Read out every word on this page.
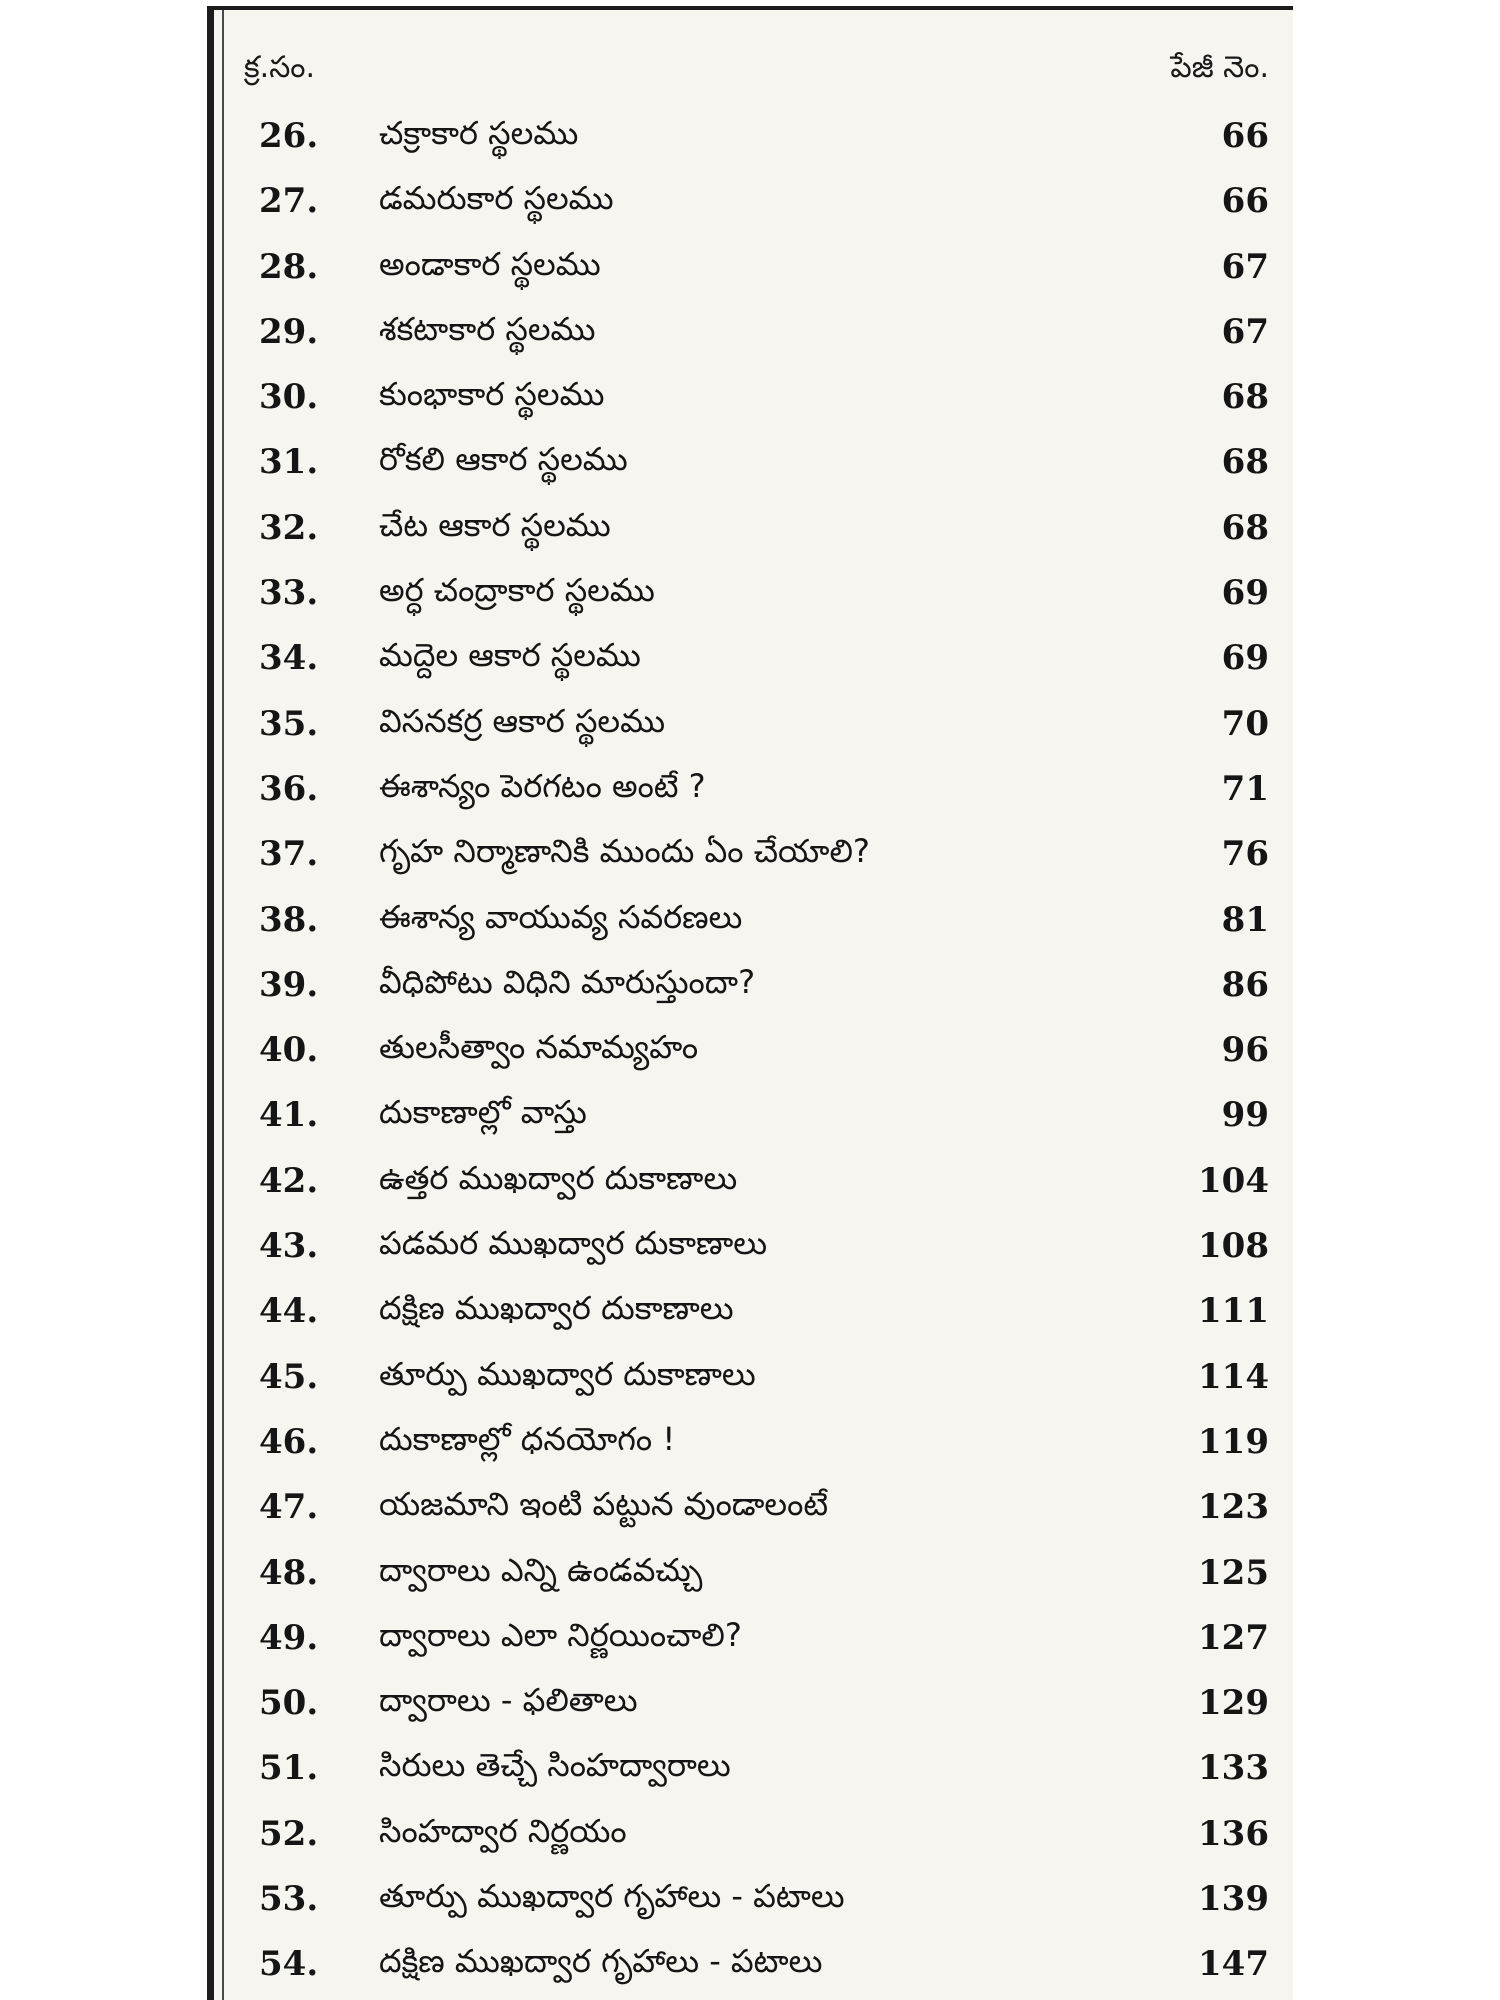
క్ర.సం.	పేజీ నెం.
26. చక్రాకార స్థలము	66
27. డమరుకార స్థలము	66
28. అండాకార స్థలము	67
29. శకటాకార స్థలము	67
30. కుంభాకార స్థలము	68
31. రోకలి ఆకార స్థలము	68
32. చేట ఆకార స్థలము	68
33. అర్ధ చంద్రాకార స్థలము	69
34. మద్దెల ఆకార స్థలము	69
35. విసనకర్ర ఆకార స్థలము	70
36. ఈశాన్యం పెరగటం అంటే ?	71
37. గృహ నిర్మాణానికి ముందు ఏం చేయాలి?	76
38. ఈశాన్య వాయువ్య సవరణలు	81
39. వీధిపోటు విధిని మారుస్తుందా?	86
40. తులసీత్వాం నమామ్యహం	96
41. దుకాణాల్లో వాస్తు	99
42. ఉత్తర ముఖద్వార దుకాణాలు	104
43. పడమర ముఖద్వార దుకాణాలు	108
44. దక్షిణ ముఖద్వార దుకాణాలు	111
45. తూర్పు ముఖద్వార దుకాణాలు	114
46. దుకాణాల్లో ధనయోగం !	119
47. యజమాని ఇంటి పట్టున వుండాలంటే	123
48. ద్వారాలు ఎన్ని ఉండవచ్చు	125
49. ద్వారాలు ఎలా నిర్ణయించాలి?	127
50. ద్వారాలు - ఫలితాలు	129
51. సిరులు తెచ్చే సింహద్వారాలు	133
52. సింహద్వార నిర్ణయం	136
53. తూర్పు ముఖద్వార గృహాలు - పటాలు	139
54. దక్షిణ ముఖద్వార గృహాలు - పటాలు	147
